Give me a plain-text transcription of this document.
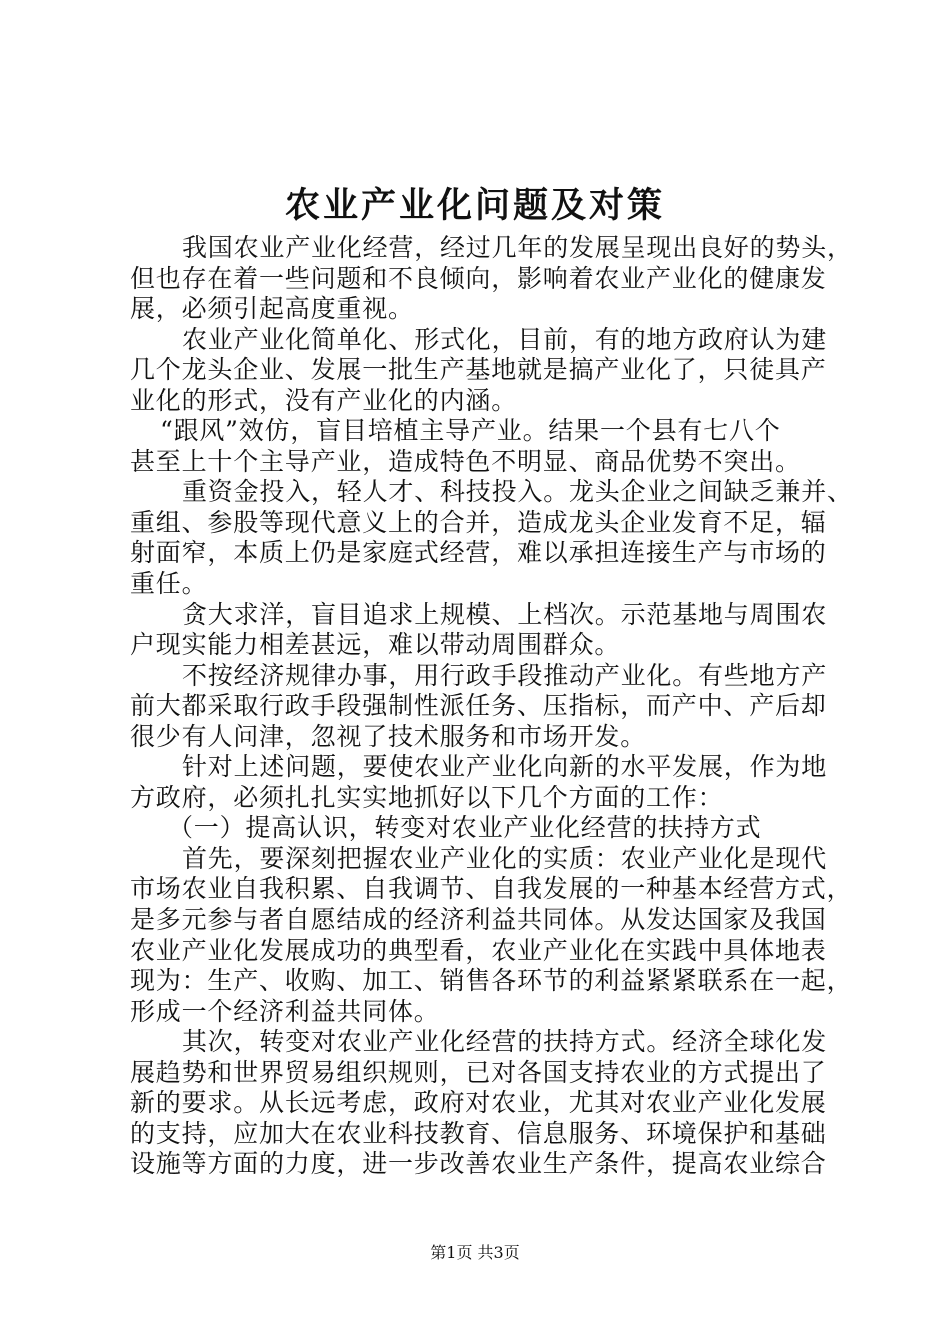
农业产业化问题及对策
我国农业产业化经营，经过几年的发展呈现出良好的势头，
但也存在着一些问题和不良倾向，影响着农业产业化的健康发
展，必须引起高度重视。
农业产业化简单化、形式化，目前，有的地方政府认为建
几个龙头企业、发展一批生产基地就是搞产业化了，只徒具产
业化的形式，没有产业化的内涵。
“跟风”效仿，盲目培植主导产业。结果一个县有七八个
甚至上十个主导产业，造成特色不明显、商品优势不突出。
重资金投入，轻人才、科技投入。龙头企业之间缺乏兼并、
重组、参股等现代意义上的合并，造成龙头企业发育不足，辐
射面窄，本质上仍是家庭式经营，难以承担连接生产与市场的
重任。
贪大求洋，盲目追求上规模、上档次。示范基地与周围农
户现实能力相差甚远，难以带动周围群众。
不按经济规律办事，用行政手段推动产业化。有些地方产
前大都采取行政手段强制性派任务、压指标，而产中、产后却
很少有人问津，忽视了技术服务和市场开发。
针对上述问题，要使农业产业化向新的水平发展，作为地
方政府，必须扎扎实实地抓好以下几个方面的工作：
（一）提高认识，转变对农业产业化经营的扶持方式
首先，要深刻把握农业产业化的实质：农业产业化是现代
市场农业自我积累、自我调节、自我发展的一种基本经营方式，
是多元参与者自愿结成的经济利益共同体。从发达国家及我国
农业产业化发展成功的典型看，农业产业化在实践中具体地表
现为：生产、收购、加工、销售各环节的利益紧紧联系在一起，
形成一个经济利益共同体。
其次，转变对农业产业化经营的扶持方式。经济全球化发
展趋势和世界贸易组织规则，已对各国支持农业的方式提出了
新的要求。从长远考虑，政府对农业，尤其对农业产业化发展
的支持，应加大在农业科技教育、信息服务、环境保护和基础
设施等方面的力度，进一步改善农业生产条件，提高农业综合
第1页 共3页
